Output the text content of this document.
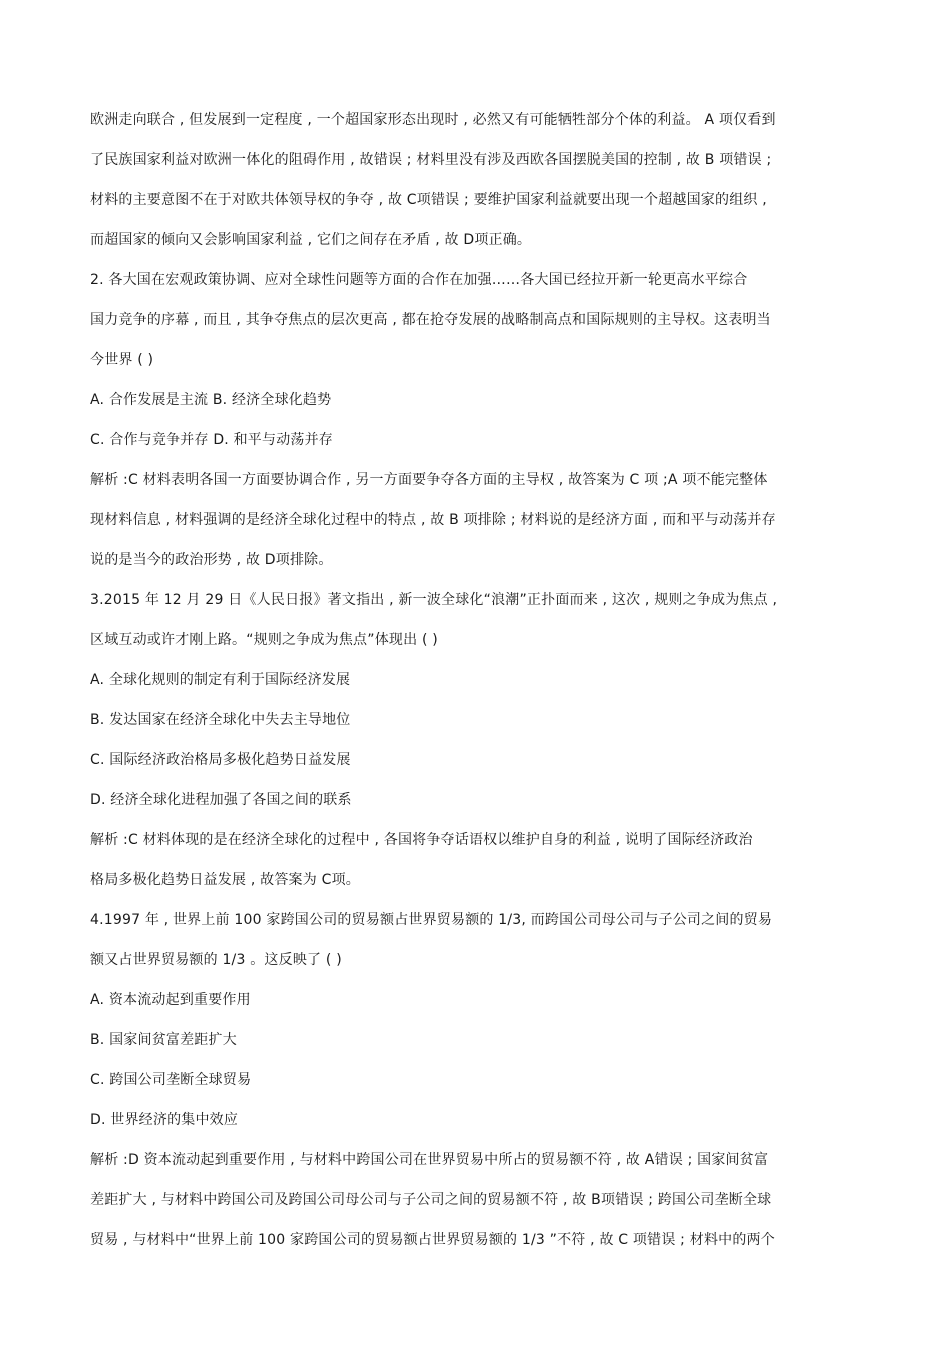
欧洲走向联合 , 但发展到一定程度 , 一个超国家形态出现时 , 必然又有可能牺牲部分个体的利益。 A 项仅看到
了民族国家利益对欧洲一体化的阻碍作用 , 故错误 ; 材料里没有涉及西欧各国摆脱美国的控制 , 故 B 项错误 ;
材料的主要意图不在于对欧共体领导权的争夺 , 故 C项错误 ; 要维护国家利益就要出现一个超越国家的组织 ,
而超国家的倾向又会影响国家利益 , 它们之间存在矛盾 , 故 D项正确。
2. 各大国在宏观政策协调、应对全球性问题等方面的合作在加强……各大国已经拉开新一轮更高水平综合
国力竞争的序幕 , 而且 , 其争夺焦点的层次更高 , 都在抢夺发展的战略制高点和国际规则的主导权。这表明当
今世界 ( )
A. 合作发展是主流 B. 经济全球化趋势
C. 合作与竞争并存 D. 和平与动荡并存
解析 :C 材料表明各国一方面要协调合作 , 另一方面要争夺各方面的主导权 , 故答案为 C 项 ;A 项不能完整体
现材料信息 , 材料强调的是经济全球化过程中的特点 , 故 B 项排除 ; 材料说的是经济方面 , 而和平与动荡并存
说的是当今的政治形势 , 故 D项排除。
3.2015 年 12 月 29 日《人民日报》著文指出 , 新一波全球化“浪潮”正扑面而来 , 这次 , 规则之争成为焦点 ,
区域互动或许才刚上路。“规则之争成为焦点”体现出 ( )
A. 全球化规则的制定有利于国际经济发展
B. 发达国家在经济全球化中失去主导地位
C. 国际经济政治格局多极化趋势日益发展
D. 经济全球化进程加强了各国之间的联系
解析 :C 材料体现的是在经济全球化的过程中 , 各国将争夺话语权以维护自身的利益 , 说明了国际经济政治
格局多极化趋势日益发展 , 故答案为 C项。
4.1997 年 , 世界上前 100 家跨国公司的贸易额占世界贸易额的 1/3, 而跨国公司母公司与子公司之间的贸易
额又占世界贸易额的 1/3 。这反映了 ( )
A. 资本流动起到重要作用
B. 国家间贫富差距扩大
C. 跨国公司垄断全球贸易
D. 世界经济的集中效应
解析 :D 资本流动起到重要作用 , 与材料中跨国公司在世界贸易中所占的贸易额不符 , 故 A错误 ; 国家间贫富
差距扩大 , 与材料中跨国公司及跨国公司母公司与子公司之间的贸易额不符 , 故 B项错误 ; 跨国公司垄断全球
贸易 , 与材料中“世界上前 100 家跨国公司的贸易额占世界贸易额的 1/3 ”不符 , 故 C 项错误 ; 材料中的两个
